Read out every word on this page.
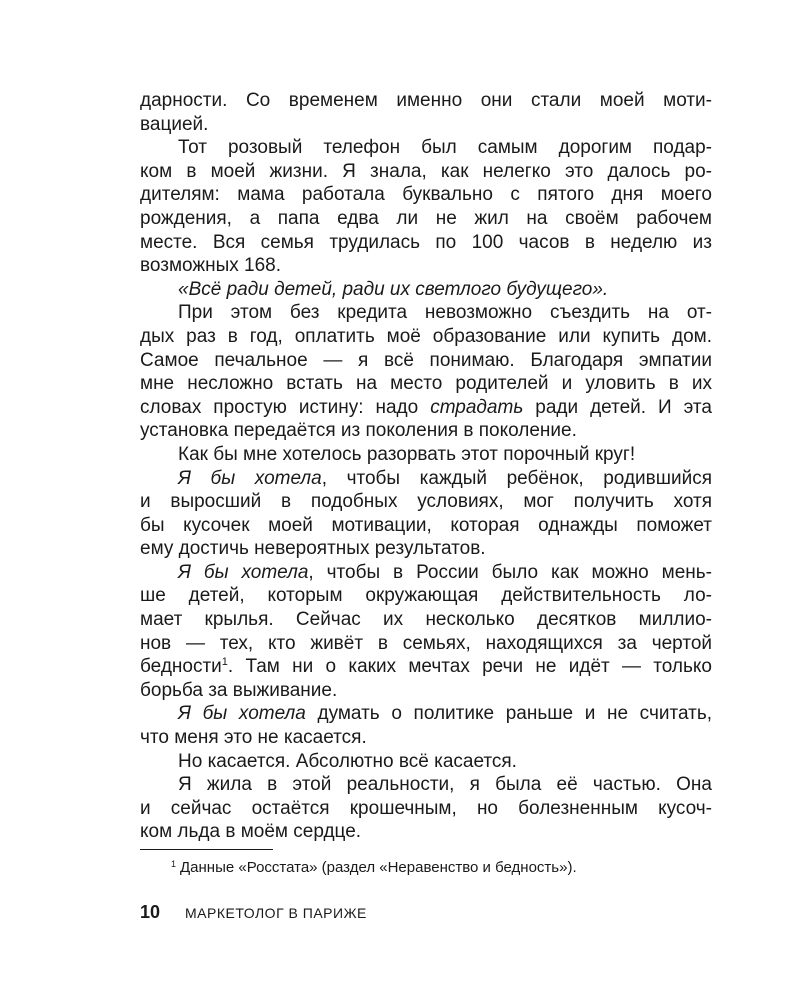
дарности. Со временем именно они стали моей моти-
вацией.
Тот розовый телефон был самым дорогим подар-
ком в моей жизни. Я знала, как нелегко это далось ро-
дителям: мама работала буквально с пятого дня моего
рождения, а папа едва ли не жил на своём рабочем
месте. Вся семья трудилась по 100 часов в неделю из
возможных 168.
«Всё ради детей, ради их светлого будущего».
При этом без кредита невозможно съездить на от-
дых раз в год, оплатить моё образование или купить дом.
Самое печальное — я всё понимаю. Благодаря эмпатии
мне несложно встать на место родителей и уловить в их
словах простую истину: надо страдать ради детей. И эта
установка передаётся из поколения в поколение.
Как бы мне хотелось разорвать этот порочный круг!
Я бы хотела, чтобы каждый ребёнок, родившийся
и выросший в подобных условиях, мог получить хотя
бы кусочек моей мотивации, которая однажды поможет
ему достичь невероятных результатов.
Я бы хотела, чтобы в России было как можно мень-
ше детей, которым окружающая действительность ло-
мает крылья. Сейчас их несколько десятков миллио-
нов — тех, кто живёт в семьях, находящихся за чертой
бедности$^1$. Там ни о каких мечтах речи не идёт — только
борьба за выживание.
Я бы хотела думать о политике раньше и не считать,
что меня это не касается.
Но касается. Абсолютно всё касается.
Я жила в этой реальности, я была её частью. Она
и сейчас остаётся крошечным, но болезненным кусоч-
ком льда в моём сердце.
$^1$ Данные «Росстата» (раздел «Неравенство и бедность»).
10 МАРКЕТОЛОГ В ПАРИЖЕ
